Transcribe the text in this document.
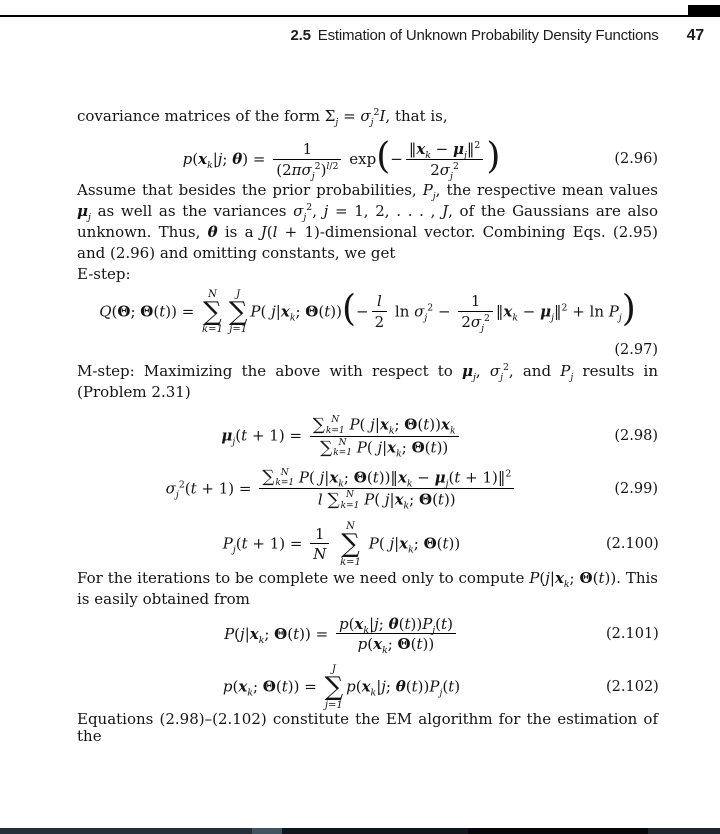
2.5 Estimation of Unknown Probability Density Functions 47

covariance matrices of the form $\Sigma_j = \sigma_j^2I$, that is,

$p(x_k|j$; θ) =
1
$(2\pi\sigma_j^2)^{l/2}$ $\exp(- \frac{‖x_k - \mu_j‖^2}{2\sigma_j^2}$ )	(2.96)

Assume that besides the prior probabilities, $P_j$, the respective mean values $\mu_j$ as well as the variances $\sigma_j^2$, j = 1, 2, . . . , J, of the Gaussians are also unknown. Thus, θ is a J(l + 1)-dimensional vector. Combining Eqs. (2.95) and (2.96) and omitting constants, we get

E-step:

Q(Θ; Θ(t)) =
N
∑
k=1
J
∑
j=1
P( $j|x_k$; $\Theta(t))(- \frac{l}{2}$ $\ln \sigma_j^2 - \frac{1}{2\sigma_j^2}$ $‖x_k$ − $\mu_j‖^2 + \ln P_j$)
(2.97)

M-step: Maximizing the above with respect to $\mu_j$, $\sigma_j^2$, and $P_j$ results in (Problem 2.31)

$\mu_j(t + 1)$ = ∑ N
k=1 P( $j|x_k$; $\Theta(t))x_k$
∑ N
k=1 P( $j|x_k$; Θ(t))	(2.98)
$\sigma_j^2(t + 1)$ = ∑ N
k=1 P( $j|x_k$; $\Theta(t))‖x_k - \mu_j(t$ + 1)‖$^2$
l ∑ N
k=1 P( $j|x_k$; Θ(t))	(2.99)
$P_j(t + 1) = \frac{1}{N}$
N
∑
k=1
P( $j|x_k$; Θ(t))	(2.100)

For the iterations to be complete we need only to compute $P(j|x_k$; Θ(t)). This is easily obtained from

$P(j|x_k$; $\Theta(t)) = \frac{p(x_k|j; \theta(t))P_j(t)}{p(x_k; \Theta(t))}$	(2.101)
$p(x_k$; Θ(t)) =
J
∑
j=1
$p(x_k|j$; $\theta(t))P_j(t)$	(2.102)

Equations (2.98)–(2.102) constitute the EM algorithm for the estimation of the
